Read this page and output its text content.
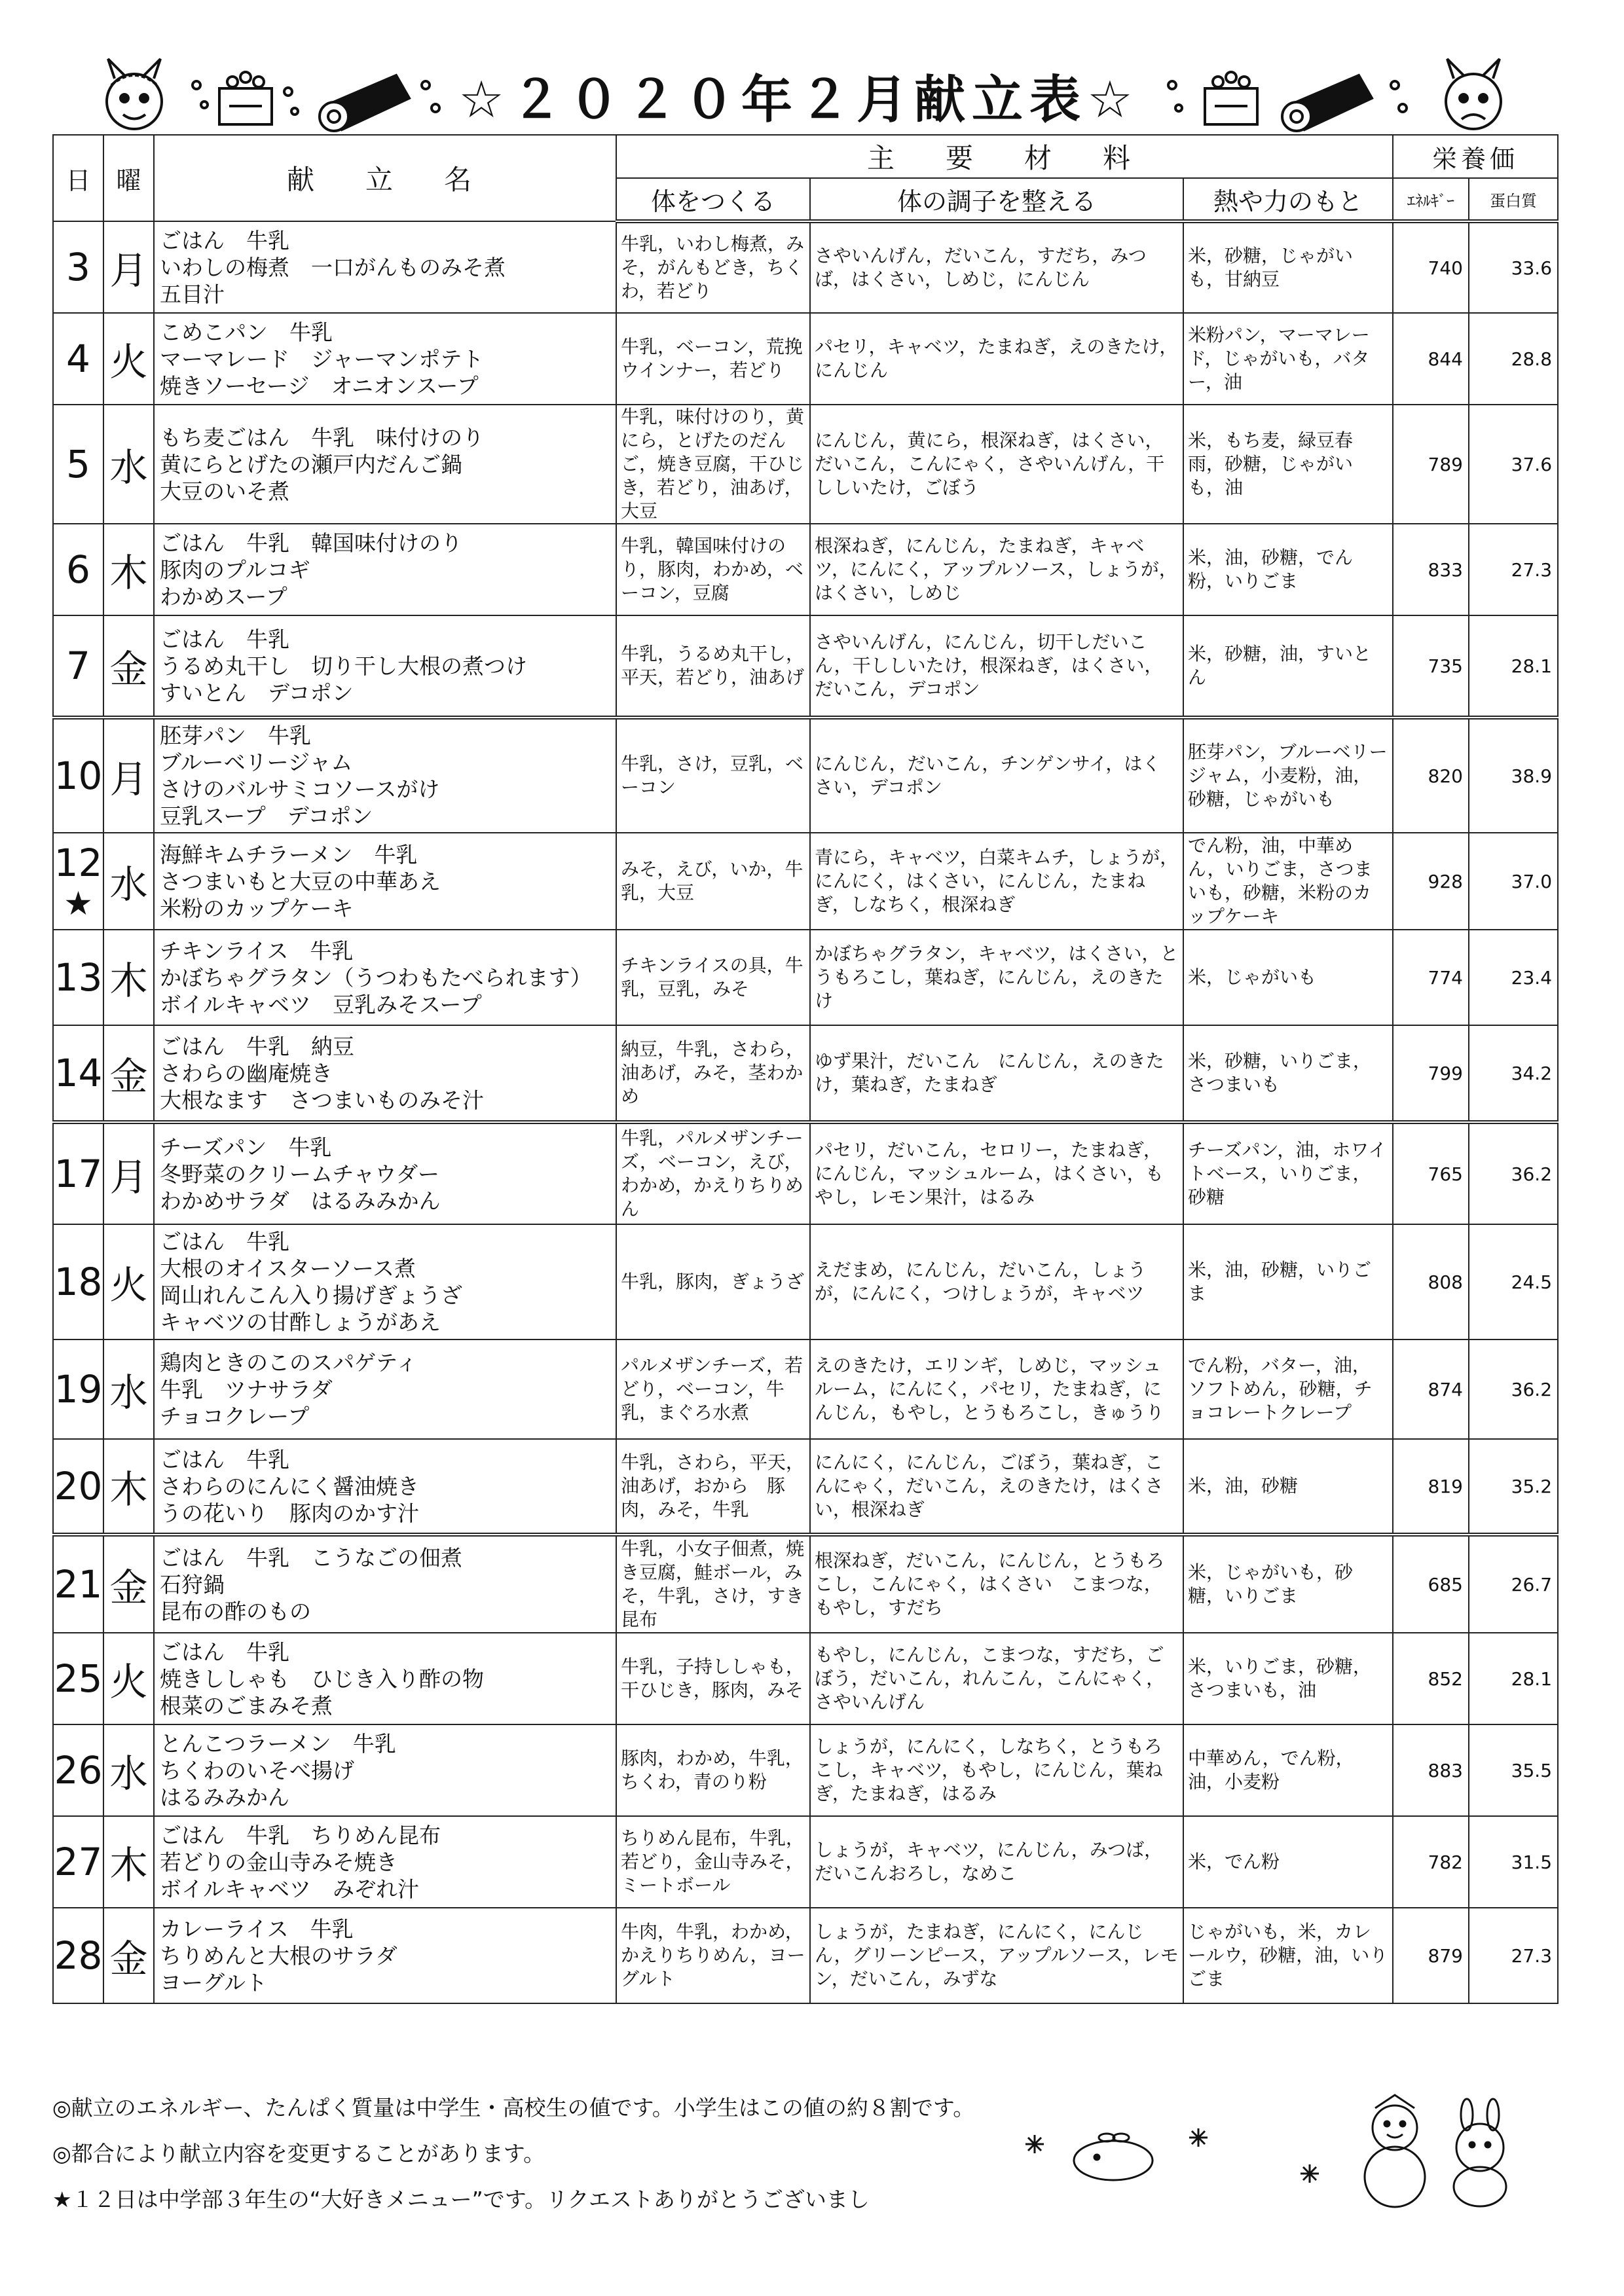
☆２０２０年２月献立表☆
日	曜	献　立　名	主　要　材　料			栄養価	
			体をつくる	体の調子を整える	熱や力のもと	ｴﾈﾙｷﾞｰ	蛋白質
3	月	ごはん　牛乳
いわしの梅煮　一口がんものみそ煮
五目汁	牛乳，いわし梅煮，みそ，がんもどき，ちくわ，若どり	さやいんげん，だいこん，すだち，みつば，はくさい，しめじ，にんじん	米，砂糖，じゃがいも，甘納豆	740	33.6
4	火	こめこパン　牛乳
マーマレード　ジャーマンポテト
焼きソーセージ　オニオンスープ	牛乳，ベーコン，荒挽ウインナー，若どり	パセリ，キャベツ，たまねぎ，えのきたけ，にんじん	米粉パン，マーマレード，じゃがいも，バター，油	844	28.8
5	水	もち麦ごはん　牛乳　味付けのり
黄にらとげたの瀬戸内だんご鍋
大豆のいそ煮	牛乳，味付けのり，黄にら，とげたのだんご，焼き豆腐，干ひじき，若どり，油あげ，大豆	にんじん，黄にら，根深ねぎ，はくさい，だいこん，こんにゃく，さやいんげん，干ししいたけ，ごぼう	米，もち麦，緑豆春雨，砂糖，じゃがいも，油	789	37.6
6	木	ごはん　牛乳　韓国味付けのり
豚肉のプルコギ
わかめスープ	牛乳，韓国味付けのり，豚肉，わかめ，ベーコン，豆腐	根深ねぎ，にんじん，たまねぎ，キャベツ，にんにく，アップルソース，しょうが，はくさい，しめじ	米，油，砂糖，でん粉，いりごま	833	27.3
7	金	ごはん　牛乳
うるめ丸干し　切り干し大根の煮つけ
すいとん　デコポン	牛乳，うるめ丸干し，平天，若どり，油あげ	さやいんげん，にんじん，切干しだいこん，干ししいたけ，根深ねぎ，はくさい，だいこん，デコポン	米，砂糖，油，すいとん	735	28.1
10	月	胚芽パン　牛乳
ブルーベリージャム
さけのバルサミコソースがけ
豆乳スープ　デコポン	牛乳，さけ，豆乳，ベーコン	にんじん，だいこん，チンゲンサイ，はくさい，デコポン	胚芽パン，ブルーベリージャム，小麦粉，油，砂糖，じゃがいも	820	38.9
12
★	水	海鮮キムチラーメン　牛乳
さつまいもと大豆の中華あえ
米粉のカップケーキ	みそ，えび，いか，牛乳，大豆	青にら，キャベツ，白菜キムチ，しょうが，にんにく，はくさい，にんじん，たまねぎ，しなちく，根深ねぎ	でん粉，油，中華めん，いりごま，さつまいも，砂糖，米粉のカップケーキ	928	37.0
13	木	チキンライス　牛乳
かぼちゃグラタン（うつわもたべられます）
ボイルキャベツ　豆乳みそスープ	チキンライスの具，牛乳，豆乳，みそ	かぼちゃグラタン，キャベツ，はくさい，とうもろこし，葉ねぎ，にんじん，えのきたけ	米，じゃがいも	774	23.4
14	金	ごはん　牛乳　納豆
さわらの幽庵焼き
大根なます　さつまいものみそ汁	納豆，牛乳，さわら，油あげ，みそ，茎わかめ	ゆず果汁，だいこん　にんじん，えのきたけ，葉ねぎ，たまねぎ	米，砂糖，いりごま，さつまいも	799	34.2
17	月	チーズパン　牛乳
冬野菜のクリームチャウダー
わかめサラダ　はるみみかん	牛乳，パルメザンチーズ，ベーコン，えび，わかめ，かえりちりめん	パセリ，だいこん，セロリー，たまねぎ，にんじん，マッシュルーム，はくさい，もやし，レモン果汁，はるみ	チーズパン，油，ホワイトベース，いりごま，砂糖	765	36.2
18	火	ごはん　牛乳
大根のオイスターソース煮
岡山れんこん入り揚げぎょうざ
キャベツの甘酢しょうがあえ	牛乳，豚肉，ぎょうざ	えだまめ，にんじん，だいこん，しょうが，にんにく，つけしょうが，キャベツ	米，油，砂糖，いりごま	808	24.5
19	水	鶏肉ときのこのスパゲティ
牛乳　ツナサラダ
チョコクレープ	パルメザンチーズ，若どり，ベーコン，牛乳，まぐろ水煮	えのきたけ，エリンギ，しめじ，マッシュルーム，にんにく，パセリ，たまねぎ，にんじん，もやし，とうもろこし，きゅうり	でん粉，バター，油，ソフトめん，砂糖，チョコレートクレープ	874	36.2
20	木	ごはん　牛乳
さわらのにんにく醤油焼き
うの花いり　豚肉のかす汁	牛乳，さわら，平天，油あげ，おから　豚肉，みそ，牛乳	にんにく，にんじん，ごぼう，葉ねぎ，こんにゃく，だいこん，えのきたけ，はくさい，根深ねぎ	米，油，砂糖	819	35.2
21	金	ごはん　牛乳　こうなごの佃煮
石狩鍋
昆布の酢のもの	牛乳，小女子佃煮，焼き豆腐，鮭ボール，みそ，牛乳，さけ，すき昆布	根深ねぎ，だいこん，にんじん，とうもろこし，こんにゃく，はくさい　こまつな，もやし，すだち	米，じゃがいも，砂糖，いりごま	685	26.7
25	火	ごはん　牛乳
焼きししゃも　ひじき入り酢の物
根菜のごまみそ煮	牛乳，子持ししゃも，干ひじき，豚肉，みそ	もやし，にんじん，こまつな，すだち，ごぼう，だいこん，れんこん，こんにゃく，さやいんげん	米，いりごま，砂糖，さつまいも，油	852	28.1
26	水	とんこつラーメン　牛乳
ちくわのいそべ揚げ
はるみみかん	豚肉，わかめ，牛乳，ちくわ，青のり粉	しょうが，にんにく，しなちく，とうもろこし，キャベツ，もやし，にんじん，葉ねぎ，たまねぎ，はるみ	中華めん，でん粉，油，小麦粉	883	35.5
27	木	ごはん　牛乳　ちりめん昆布
若どりの金山寺みそ焼き
ボイルキャベツ　みぞれ汁	ちりめん昆布，牛乳，若どり，金山寺みそ，ミートボール	しょうが，キャベツ，にんじん，みつば，だいこんおろし，なめこ	米，でん粉	782	31.5
28	金	カレーライス　牛乳
ちりめんと大根のサラダ
ヨーグルト	牛肉，牛乳，わかめ，かえりちりめん，ヨーグルト	しょうが，たまねぎ，にんにく，にんじん，グリーンピース，アップルソース，レモン，だいこん，みずな	じゃがいも，米，カレールウ，砂糖，油，いりごま	879	27.3
◎献立のエネルギー、たんぱく質量は中学生・高校生の値です。小学生はこの値の約８割です。
◎都合により献立内容を変更することがあります。
★１２日は中学部３年生の“大好きメニュー”です。リクエストありがとうございまし
